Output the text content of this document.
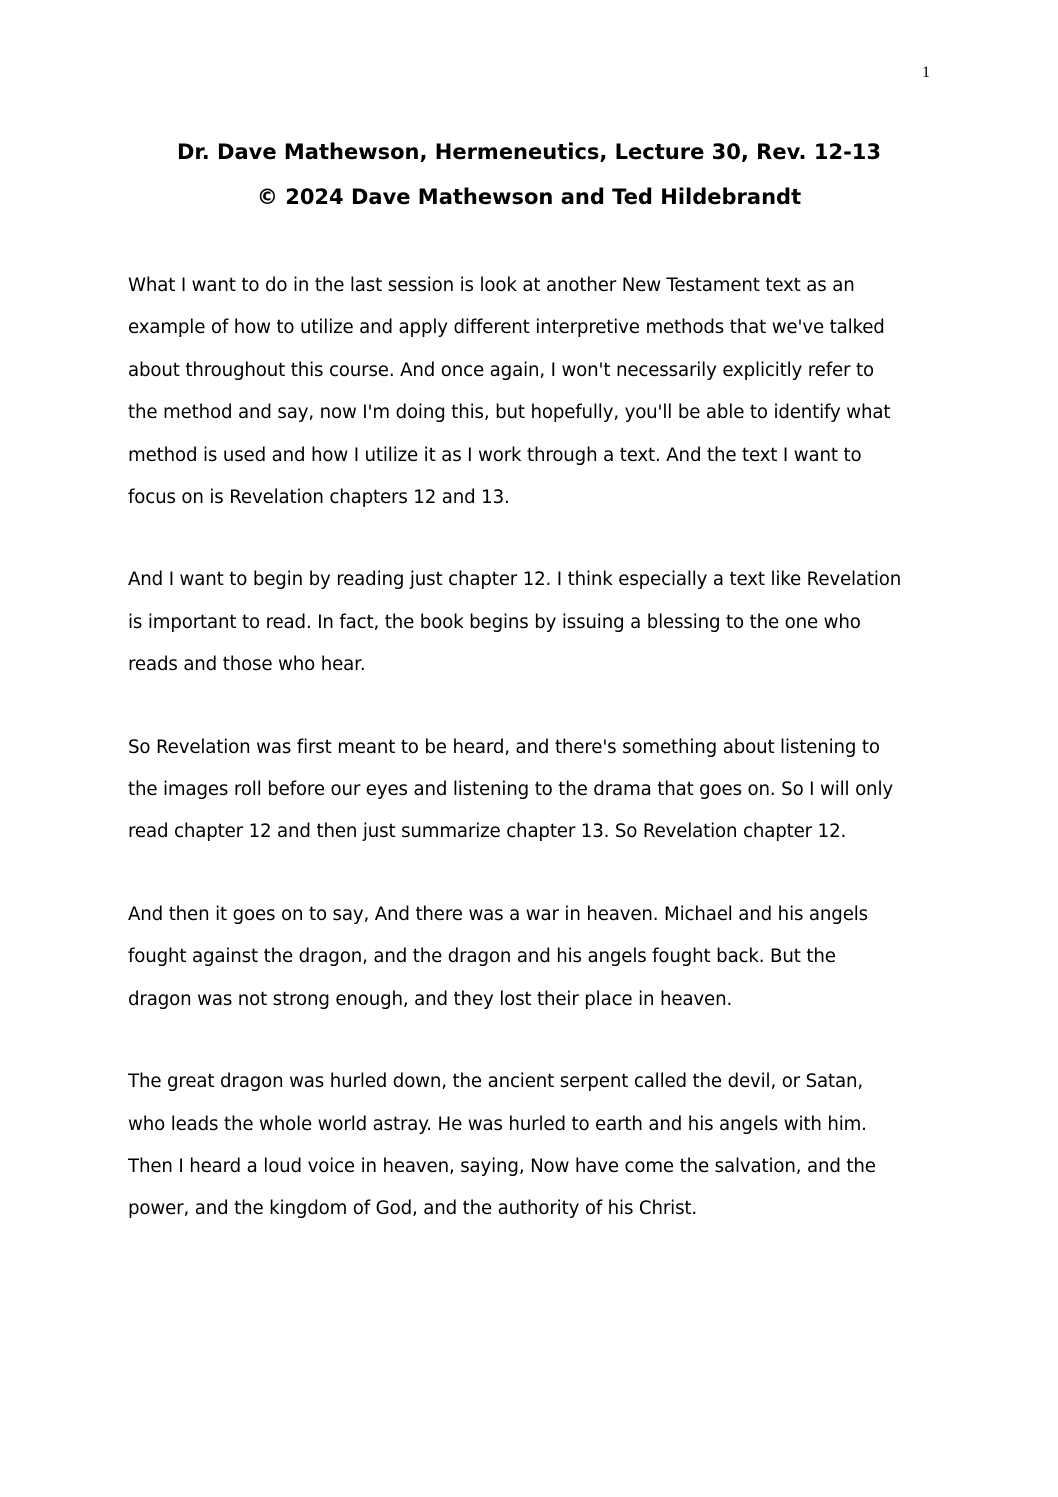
1
Dr. Dave Mathewson, Hermeneutics, Lecture 30, Rev. 12-13
© 2024 Dave Mathewson and Ted Hildebrandt
What I want to do in the last session is look at another New Testament text as an
example of how to utilize and apply different interpretive methods that we've talked
about throughout this course. And once again, I won't necessarily explicitly refer to
the method and say, now I'm doing this, but hopefully, you'll be able to identify what
method is used and how I utilize it as I work through a text. And the text I want to
focus on is Revelation chapters 12 and 13.
And I want to begin by reading just chapter 12. I think especially a text like Revelation
is important to read. In fact, the book begins by issuing a blessing to the one who
reads and those who hear.
So Revelation was first meant to be heard, and there's something about listening to
the images roll before our eyes and listening to the drama that goes on. So I will only
read chapter 12 and then just summarize chapter 13. So Revelation chapter 12.
And then it goes on to say, And there was a war in heaven. Michael and his angels
fought against the dragon, and the dragon and his angels fought back. But the
dragon was not strong enough, and they lost their place in heaven.
The great dragon was hurled down, the ancient serpent called the devil, or Satan,
who leads the whole world astray. He was hurled to earth and his angels with him.
Then I heard a loud voice in heaven, saying, Now have come the salvation, and the
power, and the kingdom of God, and the authority of his Christ.
